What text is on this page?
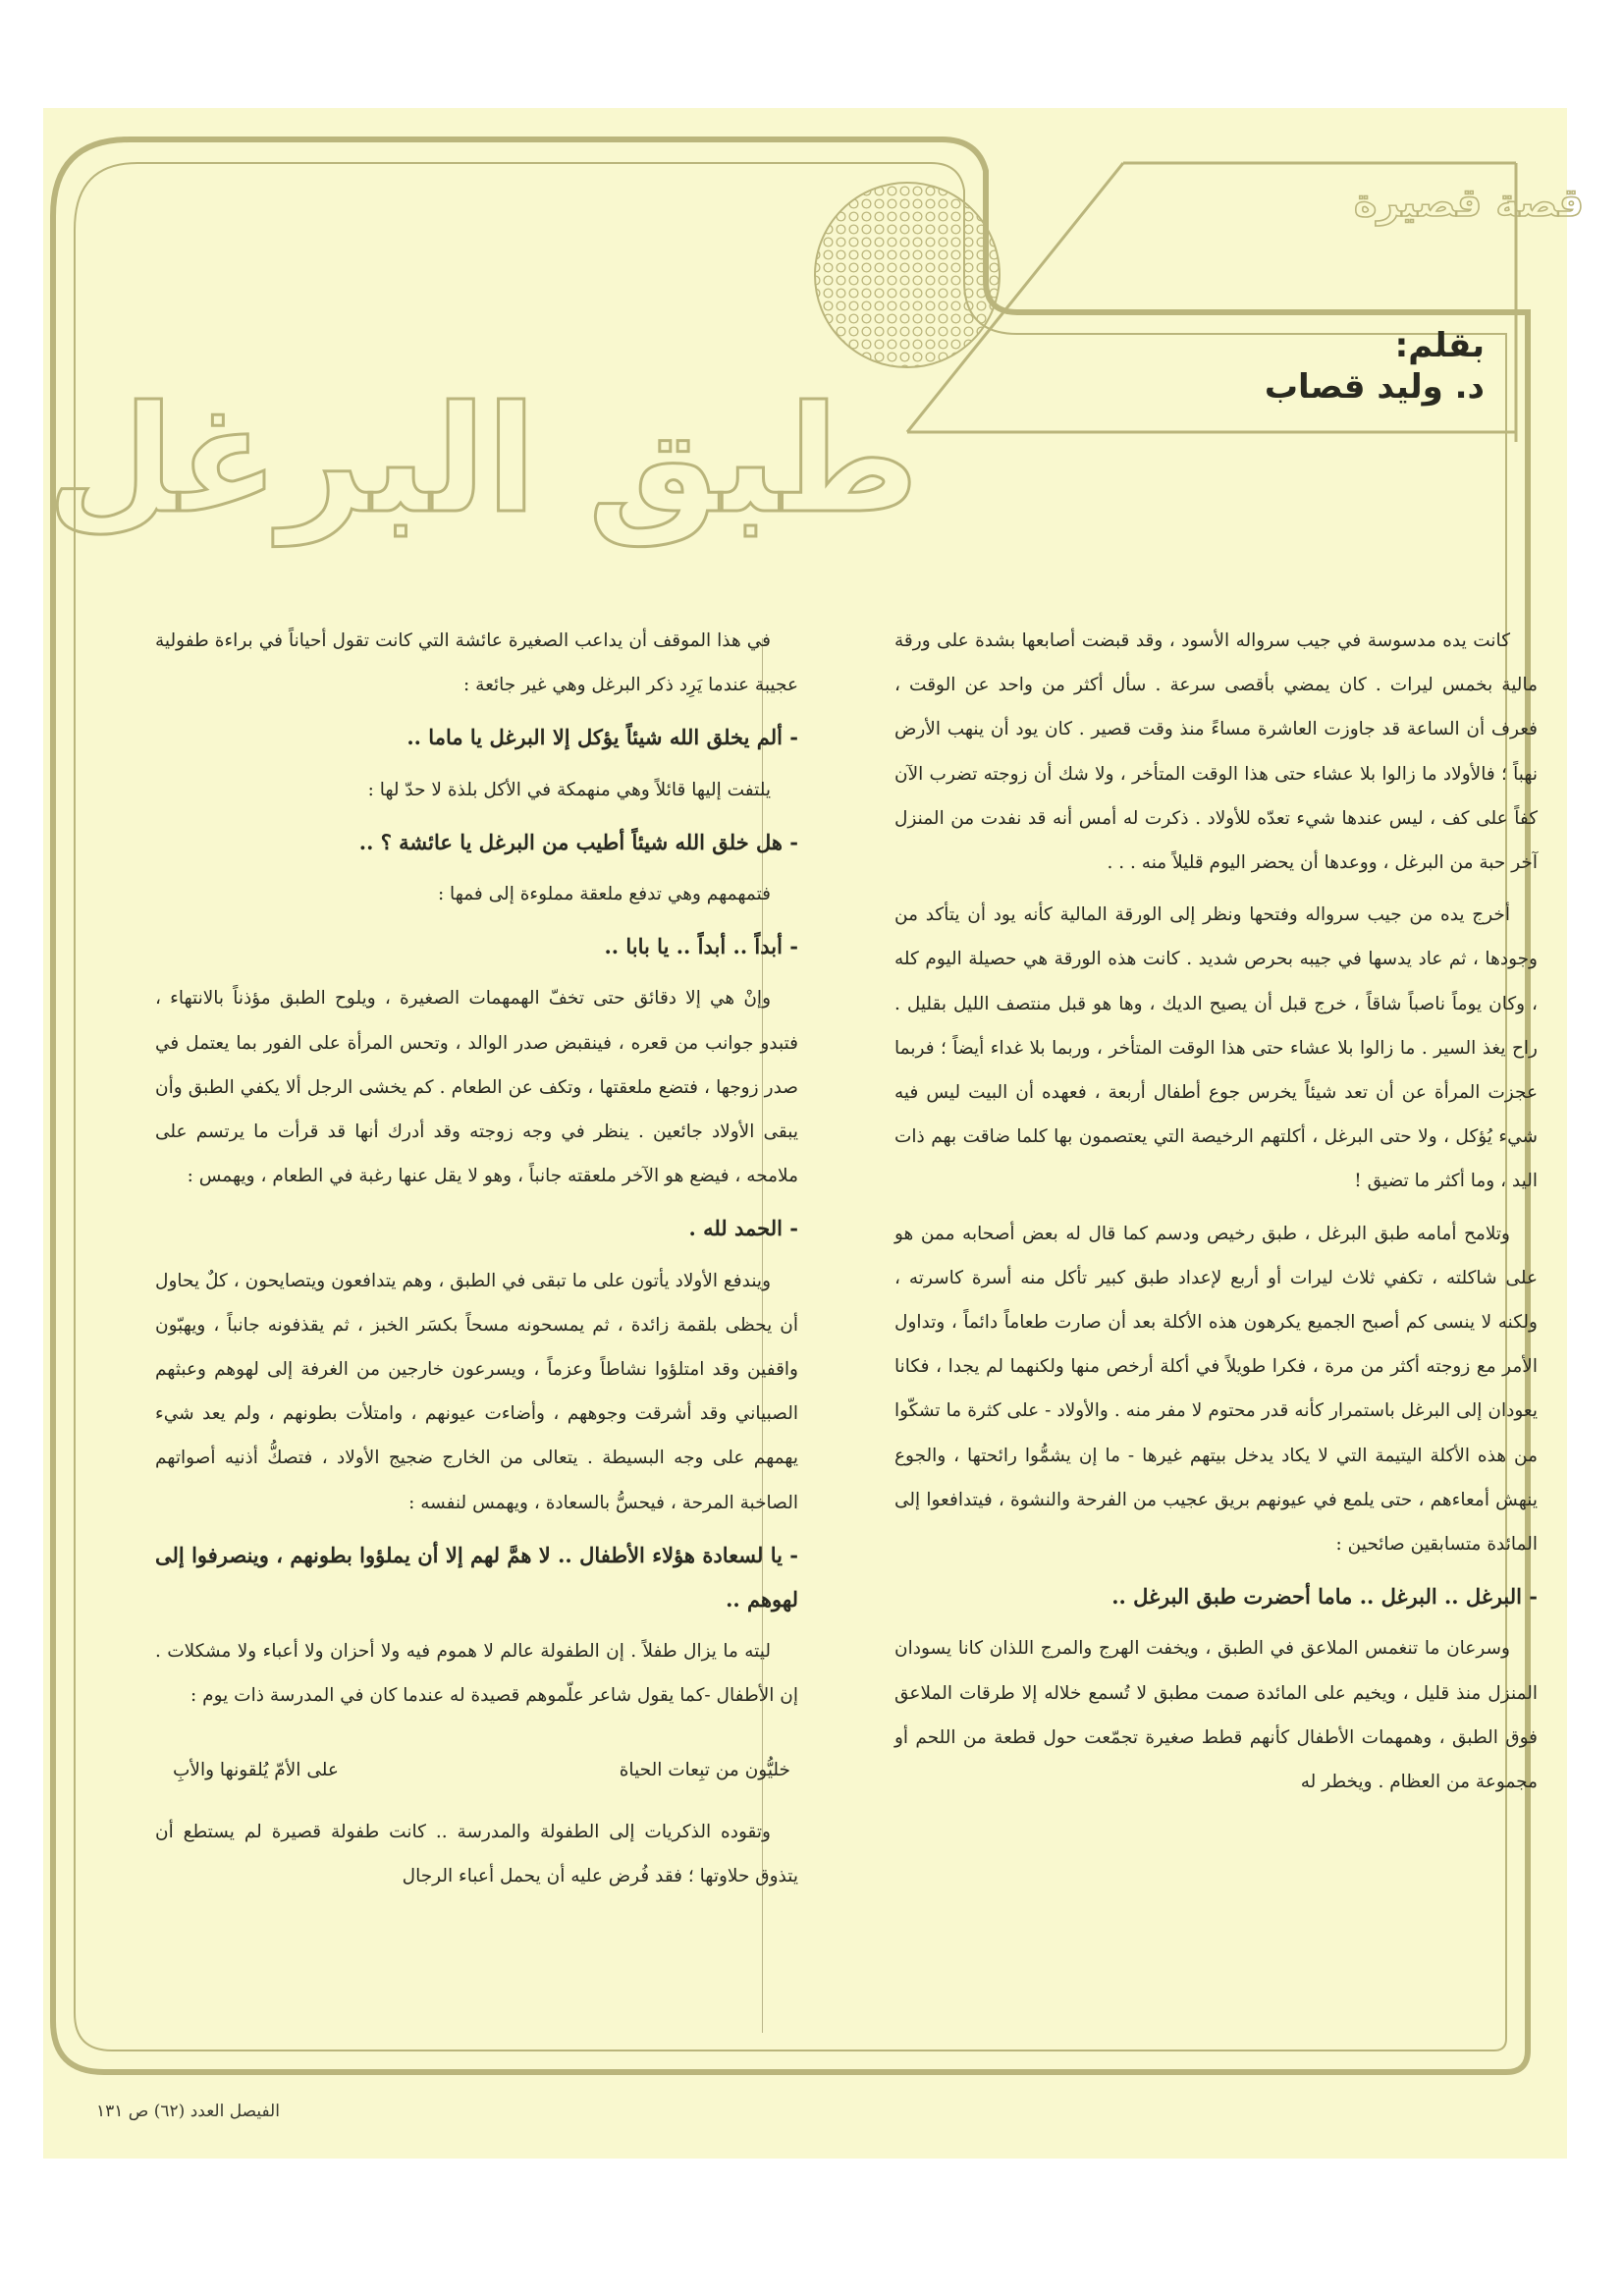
قصة قصيرة
بقلم:
د. وليد قصاب
طبق البرغل

كانت يده مدسوسة في جيب سرواله الأسود ، وقد قبضت أصابعها بشدة على ورقة مالية بخمس ليرات . كان يمضي بأقصى سرعة . سأل أكثر من واحد عن الوقت ، فعرف أن الساعة قد جاوزت العاشرة مساءً منذ وقت قصير . كان يود أن ينهب الأرض نهباً ؛ فالأولاد ما زالوا بلا عشاء حتى هذا الوقت المتأخر ، ولا شك أن زوجته تضرب الآن كفاً على كف ، ليس عندها شيء تعدّه للأولاد . ذكرت له أمس أنه قد نفدت من المنزل آخر حبة من البرغل ، ووعدها أن يحضر اليوم قليلاً منه . . .

أخرج يده من جيب سرواله وفتحها ونظر إلى الورقة المالية كأنه يود أن يتأكد من وجودها ، ثم عاد يدسها في جيبه بحرص شديد . كانت هذه الورقة هي حصيلة اليوم كله ، وكان يوماً ناصباً شاقاً ، خرج قبل أن يصيح الديك ، وها هو قبل منتصف الليل بقليل . راح يغذ السير . ما زالوا بلا عشاء حتى هذا الوقت المتأخر ، وربما بلا غداء أيضاً ؛ فربما عجزت المرأة عن أن تعد شيئاً يخرس جوع أطفال أربعة ، فعهده أن البيت ليس فيه شيء يُؤكل ، ولا حتى البرغل ، أكلتهم الرخيصة التي يعتصمون بها كلما ضاقت بهم ذات اليد ، وما أكثر ما تضيق !

وتلامح أمامه طبق البرغل ، طبق رخيص ودسم كما قال له بعض أصحابه ممن هو على شاكلته ، تكفي ثلاث ليرات أو أربع لإعداد طبق كبير تأكل منه أسرة كاسرته ، ولكنه لا ينسى كم أصبح الجميع يكرهون هذه الأكلة بعد أن صارت طعاماً دائماً ، وتداول الأمر مع زوجته أكثر من مرة ، فكرا طويلاً في أكلة أرخص منها ولكنهما لم يجدا ، فكانا يعودان إلى البرغل باستمرار كأنه قدر محتوم لا مفر منه . والأولاد - على كثرة ما تشكّوا من هذه الأكلة اليتيمة التي لا يكاد يدخل بيتهم غيرها - ما إن يشمُّوا رائحتها ، والجوع ينهش أمعاءهم ، حتى يلمع في عيونهم بريق عجيب من الفرحة والنشوة ، فيتدافعوا إلى المائدة متسابقين صائحين :

- البرغل .. البرغل .. ماما أحضرت طبق البرغل ..

وسرعان ما تنغمس الملاعق في الطبق ، ويخفت الهرج والمرج اللذان كانا يسودان المنزل منذ قليل ، ويخيم على المائدة صمت مطبق لا تُسمع خلاله إلا طرقات الملاعق فوق الطبق ، وهمهمات الأطفال كأنهم قطط صغيرة تجمّعت حول قطعة من اللحم أو مجموعة من العظام . ويخطر له

في هذا الموقف أن يداعب الصغيرة عائشة التي كانت تقول أحياناً في براءة طفولية عجيبة عندما يَرِد ذكر البرغل وهي غير جائعة :

- ألم يخلق الله شيئاً يؤكل إلا البرغل يا ماما ..

يلتفت إليها قائلاً وهي منهمكة في الأكل بلذة لا حدّ لها :

- هل خلق الله شيئاً أطيب من البرغل يا عائشة ؟ ..

فتمهمهم وهي تدفع ملعقة مملوءة إلى فمها :

- أبداً .. أبداً .. يا بابا ..

وإنْ هي إلا دقائق حتى تخفّ الهمهمات الصغيرة ، ويلوح الطبق مؤذناً بالانتهاء ، فتبدو جوانب من قعره ، فينقبض صدر الوالد ، وتحس المرأة على الفور بما يعتمل في صدر زوجها ، فتضع ملعقتها ، وتكف عن الطعام . كم يخشى الرجل ألا يكفي الطبق وأن يبقى الأولاد جائعين . ينظر في وجه زوجته وقد أدرك أنها قد قرأت ما يرتسم على ملامحه ، فيضع هو الآخر ملعقته جانباً ، وهو لا يقل عنها رغبة في الطعام ، ويهمس :

- الحمد لله .

ويندفع الأولاد يأتون على ما تبقى في الطبق ، وهم يتدافعون ويتصايحون ، كلٌ يحاول أن يحظى بلقمة زائدة ، ثم يمسحونه مسحاً بكسَر الخبز ، ثم يقذفونه جانباً ، ويهبّون واقفين وقد امتلؤوا نشاطاً وعزماً ، ويسرعون خارجين من الغرفة إلى لهوهم وعبثهم الصبياني وقد أشرقت وجوههم ، وأضاءت عيونهم ، وامتلأت بطونهم ، ولم يعد شيء يهمهم على وجه البسيطة . يتعالى من الخارج ضجيج الأولاد ، فتصكُّ أذنيه أصواتهم الصاخبة المرحة ، فيحسُّ بالسعادة ، ويهمس لنفسه :

- يا لسعادة هؤلاء الأطفال .. لا همَّ لهم إلا أن يملؤوا بطونهم ، وينصرفوا إلى لهوهم ..

ليته ما يزال طفلاً . إن الطفولة عالم لا هموم فيه ولا أحزان ولا أعباء ولا مشكلات . إن الأطفال -كما يقول شاعر علّموهم قصيدة له عندما كان في المدرسة ذات يوم :

خليُّون من تبِعات الحياة
على الأمّ يُلقونها والأبِ

وتقوده الذكريات إلى الطفولة والمدرسة .. كانت طفولة قصيرة لم يستطع أن يتذوق حلاوتها ؛ فقد فُرض عليه أن يحمل أعباء الرجال

الفيصل العدد (٦٢) ص ١٣١
